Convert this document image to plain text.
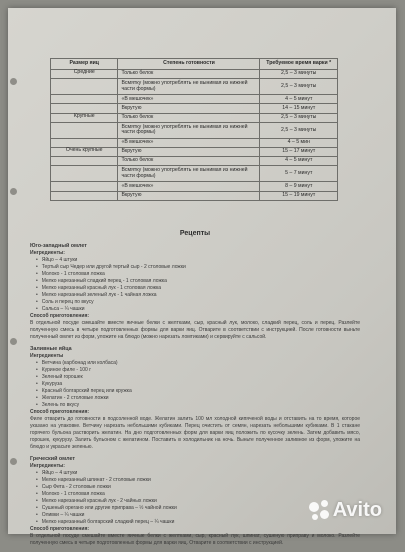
Размер яиц	Степень готовности	Требуемое время варки *
Средние	Только белок	2,5 – 3 минуты
	Всмятку (можно употреблять не вынимая из нижней части формы)	2,5 – 3 минуты
	«В мешочек»	4 – 5 минут
	Вкрутую	14 – 15 минут
Крупные	Только белок	2,5 – 3 минуты
	Всмятку (можно употреблять не вынимая из нижней части формы)	2,5 – 3 минуты
	«В мешочек»	4 – 5 мин
Очень крупные	Вкрутую	15 – 17 минут
	Только белок	4 – 5 минут
	Всмятку (можно употреблять не вынимая из нижней части формы)	5 – 7 минут
	«В мешочек»	8 – 9 минут
	Вкрутую	15 – 19 минут
Рецепты
Юго-западный омлет
Ингредиенты:
• Яйцо – 4 штуки
• Тертый сыр Чедер или другой тертый сыр - 2 столовые ложки
• Молоко - 1 столовая ложка
• Мелко нарезанный сладкий перец - 1 столовая ложка
• Мелко нарезанный красный лук - 1 столовая ложка
• Мелко нарезанный зеленый лук - 1 чайная ложка
• Соль и перец по вкусу
• Сальса – ¼ чашки
Способ приготовления:
В отдельной посуде смешайте вместе яичные белки с желтками, сыр, красный лук, молоко, сладкий перец, соль и перец. Разлейте полученную смесь в четыре подготовленных формы для варки яиц. Отварите в соответствии с инструкцией. После готовности выньте полученный омлет из форм, уложите на блюдо (можно нарезать ломтиками) и сервируйте с сальсой.
Заливные яйца
Ингредиенты
• Ветчина (карбонад или колбаса)
• Куриное филе - 100 г
• Зеленый горошек
• Кукуруза
• Красный болгарский перец или кружка
• Желатин - 2 столовые ложки
• Зелень по вкусу
Способ приготовления:
Филе отварить до готовности в подсоленной воде. Желатин залить 100 мл холодной кипяченой воды и отставить на то время, которое указано на упаковке. Ветчину нарезать небольшими кубиками. Перец очистить от семян, нарезать небольшими кубиками. В 1 стакане горячего бульона растворить желатин. На дно подготовленных форм для варки яиц положить по кусочку зелень. Затем добавить мясо, горошек, кукурузу. Залить бульоном с желатином. Поставить в холодильник на ночь. Выньте полученное заливное из форм, уложите на блюдо и украсьте зеленью.
Греческий омлет
Ингредиенты:
• Яйцо – 4 штуки
• Мелко нарезанный шпинат - 2 столовые ложки
• Сыр Фета - 2 столовые ложки
• Молоко - 1 столовая ложка
• Мелко нарезанный красный лук - 2 чайных ложки
• Сушеный орегано или другие приправа – ½ чайной ложки
• Оливки – ¼ чашки
• Мелко нарезанный болгарский сладкий перец – ¼ чашки
Способ приготовления:
В отдельной посуде смешайте вместе яичные белки с желтками, сыр, красный лук, шпинат, сушеную приправу и молоко. Разлейте полученную смесь в четыре подготовленных формы для варки яиц. Отварите в соответствии с инструкцией.
Avito
